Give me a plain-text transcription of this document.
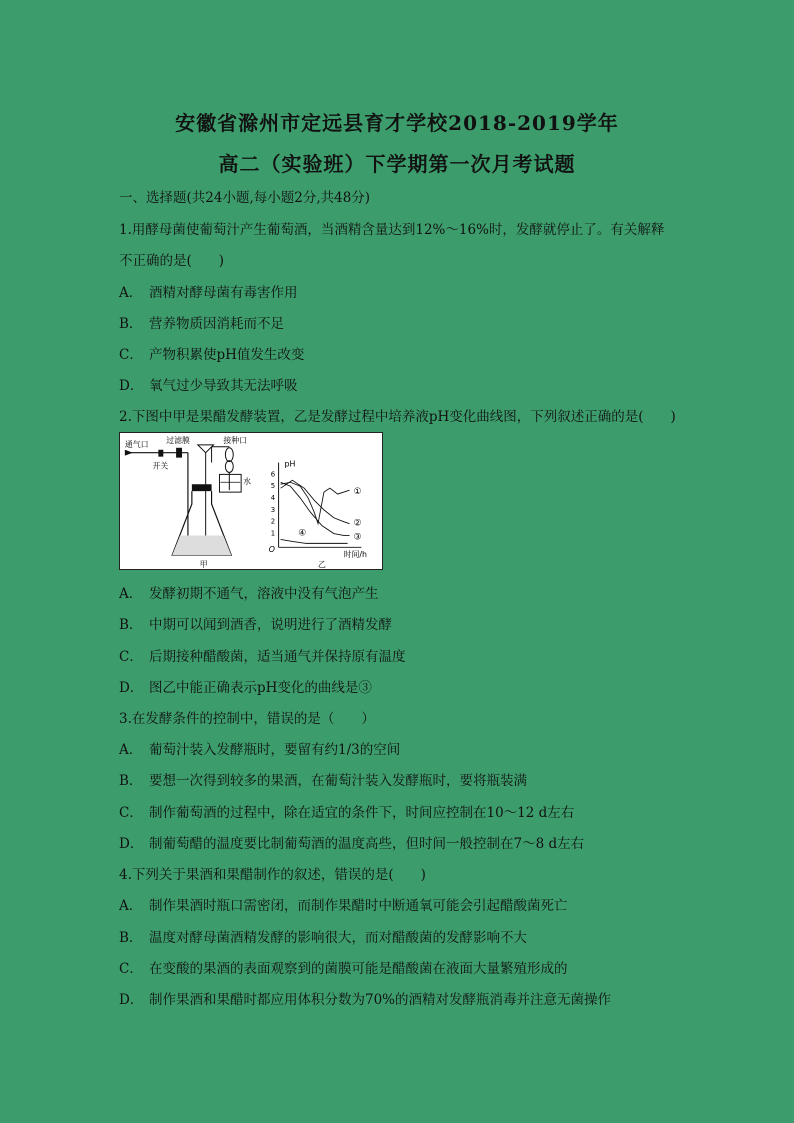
安徽省滁州市定远县育才学校2018-2019学年
高二（实验班）下学期第一次月考试题
一、选择题(共24小题,每小题2分,共48分)
1.用酵母菌使葡萄汁产生葡萄酒，当酒精含量达到12%～16%时，发酵就停止了。有关解释
不正确的是(　　)
A． 酒精对酵母菌有毒害作用
B． 营养物质因消耗而不足
C． 产物积累使pH值发生改变
D． 氧气过少导致其无法呼吸
2.下图中甲是果醋发酵装置，乙是发酵过程中培养液pH变化曲线图，下列叙述正确的是(　　)
通气口 过滤膜	接种口
开关
水
甲
pH
O
时间/h
1
2
3
4
5
6
①
②
③
④
乙
A． 发酵初期不通气，溶液中没有气泡产生
B． 中期可以闻到酒香，说明进行了酒精发酵
C． 后期接种醋酸菌，适当通气并保持原有温度
D． 图乙中能正确表示pH变化的曲线是③
3.在发酵条件的控制中，错误的是（　　）
A． 葡萄汁装入发酵瓶时，要留有约1/3的空间
B． 要想一次得到较多的果酒，在葡萄汁装入发酵瓶时，要将瓶装满
C． 制作葡萄酒的过程中，除在适宜的条件下，时间应控制在10～12 d左右
D． 制葡萄醋的温度要比制葡萄酒的温度高些，但时间一般控制在7～8 d左右
4.下列关于果酒和果醋制作的叙述，错误的是(　　)
A． 制作果酒时瓶口需密闭，而制作果醋时中断通氧可能会引起醋酸菌死亡
B． 温度对酵母菌酒精发酵的影响很大，而对醋酸菌的发酵影响不大
C． 在变酸的果酒的表面观察到的菌膜可能是醋酸菌在液面大量繁殖形成的
D． 制作果酒和果醋时都应用体积分数为70%的酒精对发酵瓶消毒并注意无菌操作
